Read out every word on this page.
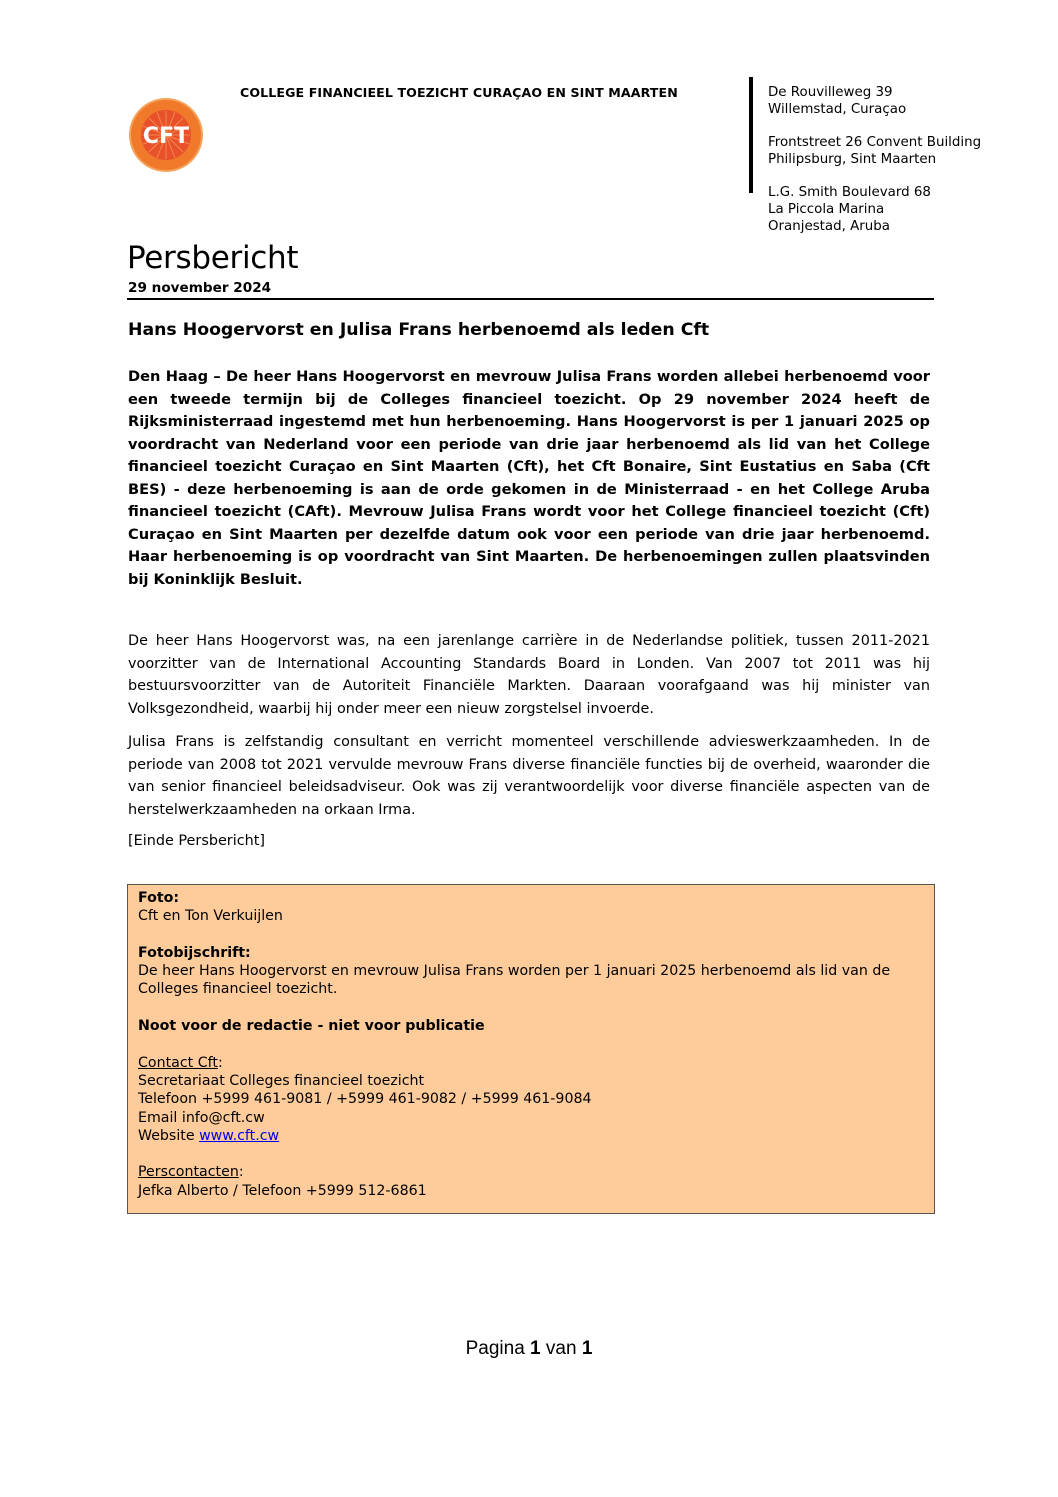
CFT
COLLEGE FINANCIEEL TOEZICHT CURAÇAO EN SINT MAARTEN	De Rouvilleweg 39
Willemstad, Curaçao
Frontstreet 26 Convent Building
Philipsburg, Sint Maarten
L.G. Smith Boulevard 68
La Piccola Marina
Oranjestad, Aruba
Persbericht
29 november 2024
Hans Hoogervorst en Julisa Frans herbenoemd als leden Cft
Den Haag – De heer Hans Hoogervorst en mevrouw Julisa Frans worden allebei herbenoemd voor een tweede termijn bij de Colleges financieel toezicht. Op 29 november 2024 heeft de Rijksministerraad ingestemd met hun herbenoeming. Hans Hoogervorst is per 1 januari 2025 op voordracht van Nederland voor een periode van drie jaar herbenoemd als lid van het College financieel toezicht Curaçao en Sint Maarten (Cft), het Cft Bonaire, Sint Eustatius en Saba (Cft BES) - deze herbenoeming is aan de orde gekomen in de Ministerraad - en het College Aruba financieel toezicht (CAft). Mevrouw Julisa Frans wordt voor het College financieel toezicht (Cft) Curaçao en Sint Maarten per dezelfde datum ook voor een periode van drie jaar herbenoemd. Haar herbenoeming is op voordracht van Sint Maarten. De herbenoemingen zullen plaatsvinden bij Koninklijk Besluit.
De heer Hans Hoogervorst was, na een jarenlange carrière in de Nederlandse politiek, tussen 2011-2021 voorzitter van de International Accounting Standards Board in Londen. Van 2007 tot 2011 was hij bestuursvoorzitter van de Autoriteit Financiële Markten. Daaraan voorafgaand was hij minister van Volksgezondheid, waarbij hij onder meer een nieuw zorgstelsel invoerde.
Julisa Frans is zelfstandig consultant en verricht momenteel verschillende advieswerkzaamheden. In de periode van 2008 tot 2021 vervulde mevrouw Frans diverse financiële functies bij de overheid, waaronder die van senior financieel beleidsadviseur. Ook was zij verantwoordelijk voor diverse financiële aspecten van de herstelwerkzaamheden na orkaan Irma.
[Einde Persbericht]
Foto:
Cft en Ton Verkuijlen
Fotobijschrift:
De heer Hans Hoogervorst en mevrouw Julisa Frans worden per 1 januari 2025 herbenoemd als lid van de Colleges financieel toezicht.
Noot voor de redactie - niet voor publicatie
Contact Cft:
Secretariaat Colleges financieel toezicht
Telefoon +5999 461-9081 / +5999 461-9082 / +5999 461-9084
Email info@cft.cw
Website www.cft.cw
Perscontacten:
Jefka Alberto / Telefoon +5999 512-6861
Pagina 1 van 1
